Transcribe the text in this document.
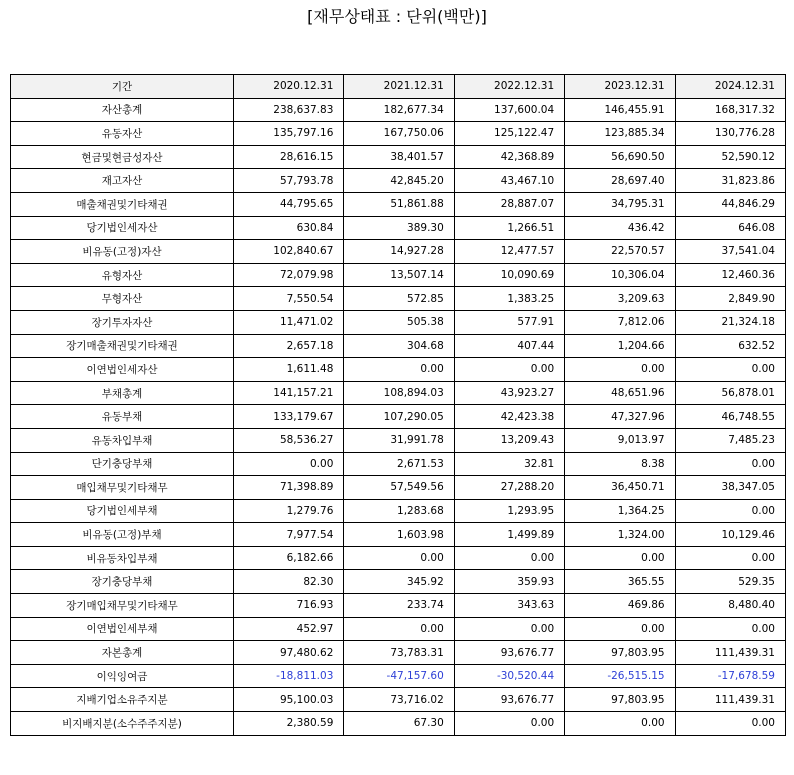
[재무상태표 : 단위(백만)]
기간	2020.12.31	2021.12.31	2022.12.31	2023.12.31	2024.12.31
자산총계	238,637.83	182,677.34	137,600.04	146,455.91	168,317.32
유동자산	135,797.16	167,750.06	125,122.47	123,885.34	130,776.28
현금및현금성자산	28,616.15	38,401.57	42,368.89	56,690.50	52,590.12
재고자산	57,793.78	42,845.20	43,467.10	28,697.40	31,823.86
매출채권및기타채권	44,795.65	51,861.88	28,887.07	34,795.31	44,846.29
당기법인세자산	630.84	389.30	1,266.51	436.42	646.08
비유동(고정)자산	102,840.67	14,927.28	12,477.57	22,570.57	37,541.04
유형자산	72,079.98	13,507.14	10,090.69	10,306.04	12,460.36
무형자산	7,550.54	572.85	1,383.25	3,209.63	2,849.90
장기투자자산	11,471.02	505.38	577.91	7,812.06	21,324.18
장기매출채권및기타채권	2,657.18	304.68	407.44	1,204.66	632.52
이연법인세자산	1,611.48	0.00	0.00	0.00	0.00
부채총계	141,157.21	108,894.03	43,923.27	48,651.96	56,878.01
유동부채	133,179.67	107,290.05	42,423.38	47,327.96	46,748.55
유동차입부채	58,536.27	31,991.78	13,209.43	9,013.97	7,485.23
단기충당부채	0.00	2,671.53	32.81	8.38	0.00
매입채무및기타채무	71,398.89	57,549.56	27,288.20	36,450.71	38,347.05
당기법인세부채	1,279.76	1,283.68	1,293.95	1,364.25	0.00
비유동(고정)부채	7,977.54	1,603.98	1,499.89	1,324.00	10,129.46
비유동차입부채	6,182.66	0.00	0.00	0.00	0.00
장기충당부채	82.30	345.92	359.93	365.55	529.35
장기매입채무및기타채무	716.93	233.74	343.63	469.86	8,480.40
이연법인세부채	452.97	0.00	0.00	0.00	0.00
자본총계	97,480.62	73,783.31	93,676.77	97,803.95	111,439.31
이익잉여금	-18,811.03	-47,157.60	-30,520.44	-26,515.15	-17,678.59
지배기업소유주지분	95,100.03	73,716.02	93,676.77	97,803.95	111,439.31
비지배지분(소수주주지분)	2,380.59	67.30	0.00	0.00	0.00
